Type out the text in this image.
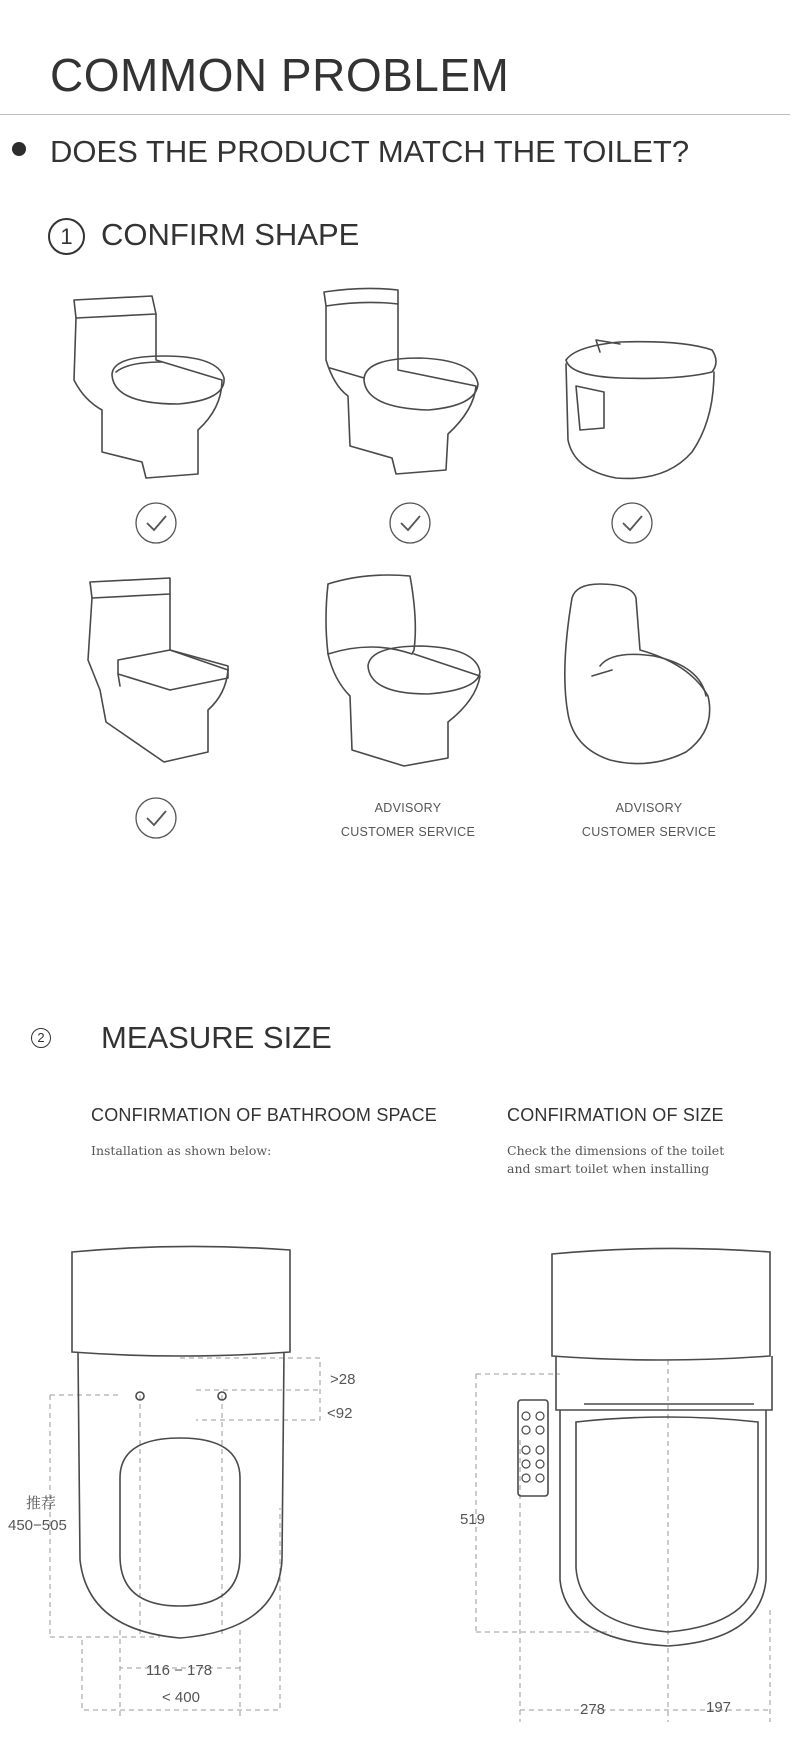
COMMON PROBLEM
DOES THE PRODUCT MATCH THE TOILET?
1 CONFIRM SHAPE
ADVISORY
CUSTOMER SERVICE
ADVISORY
CUSTOMER SERVICE
2 MEASURE SIZE
CONFIRMATION OF BATHROOM SPACE
Installation as shown below:
CONFIRMATION OF SIZE
Check the dimensions of the toilet
and smart toilet when installing
>28
<92
推荐
450−505
116 − 178
< 400
519
278	197
